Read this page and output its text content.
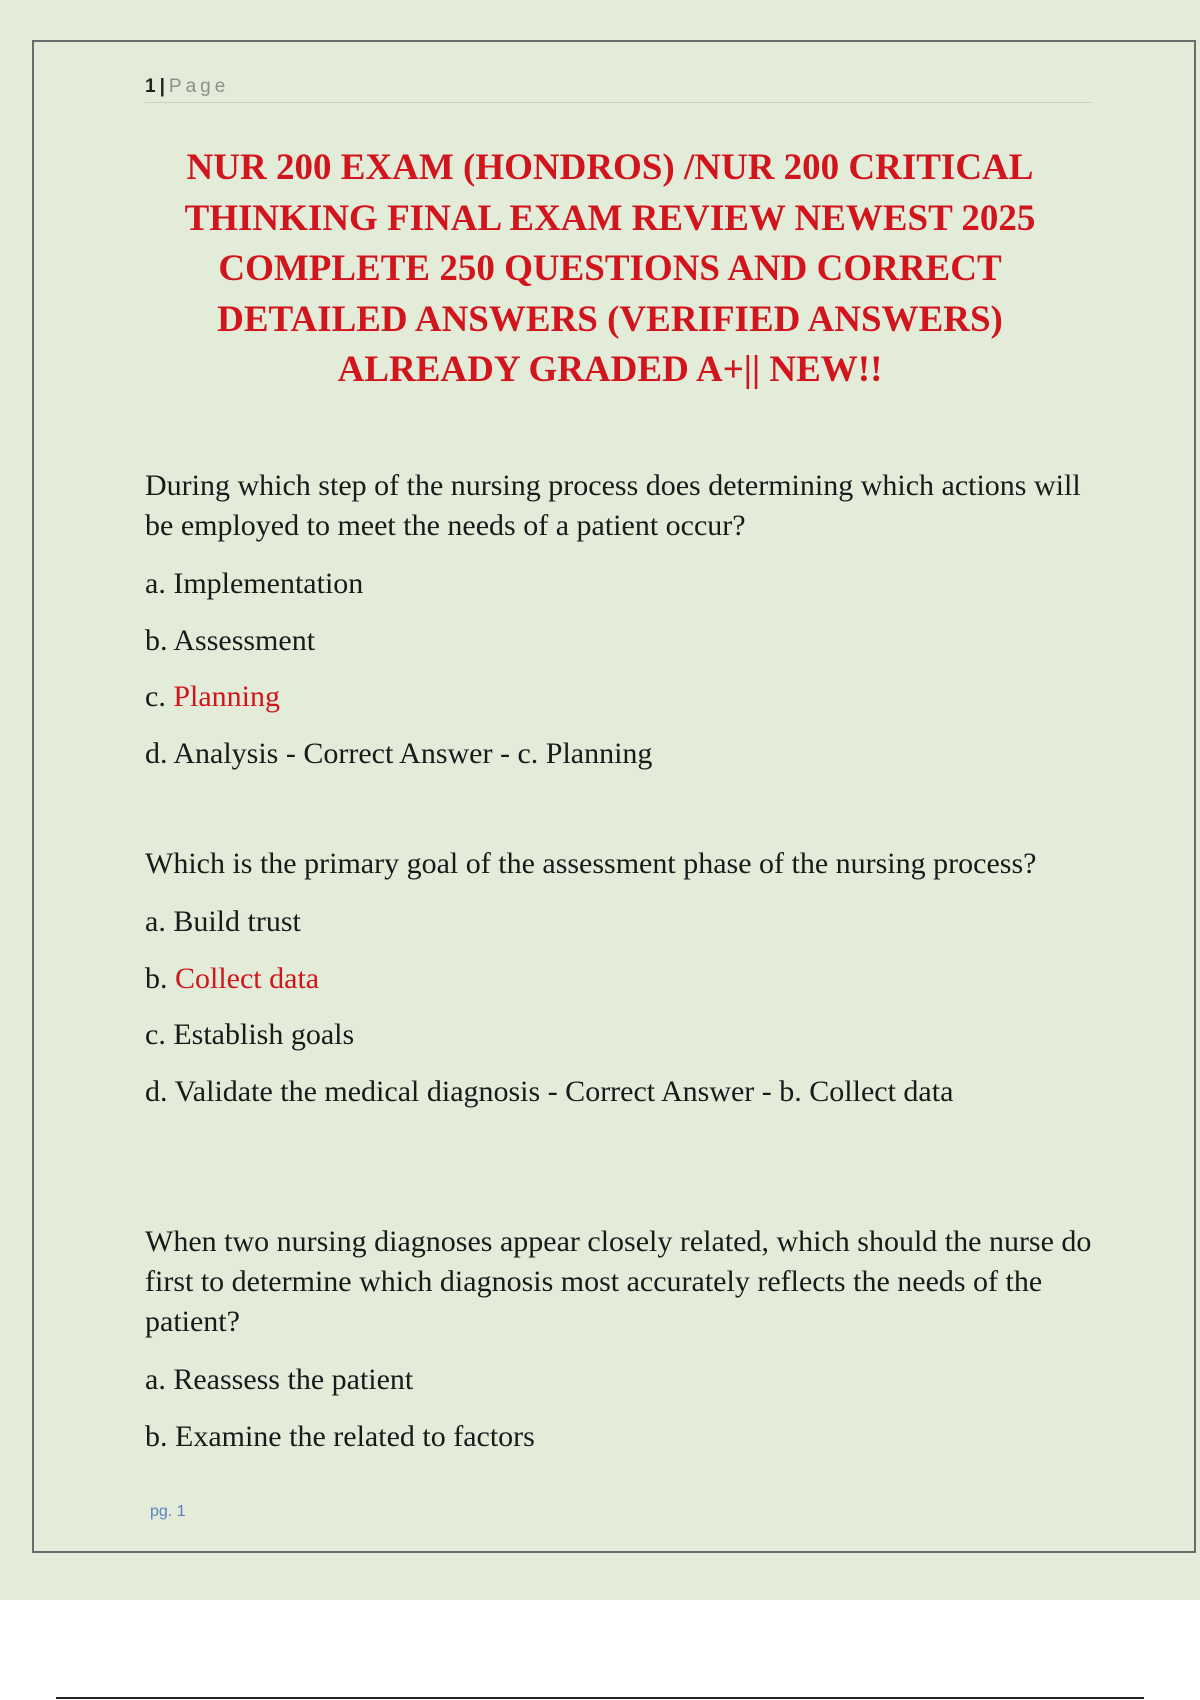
1 | Page
NUR 200 EXAM (HONDROS) /NUR 200 CRITICAL THINKING FINAL EXAM REVIEW NEWEST 2025 COMPLETE 250 QUESTIONS AND CORRECT DETAILED ANSWERS (VERIFIED ANSWERS) ALREADY GRADED A+|| NEW!!

During which step of the nursing process does determining which actions will be employed to meet the needs of a patient occur?

a. Implementation

b. Assessment

c. Planning

d. Analysis - Correct Answer - c. Planning

Which is the primary goal of the assessment phase of the nursing process?

a. Build trust

b. Collect data

c. Establish goals

d. Validate the medical diagnosis - Correct Answer - b. Collect data

When two nursing diagnoses appear closely related, which should the nurse do first to determine which diagnosis most accurately reflects the needs of the patient?

a. Reassess the patient

b. Examine the related to factors

pg. 1
